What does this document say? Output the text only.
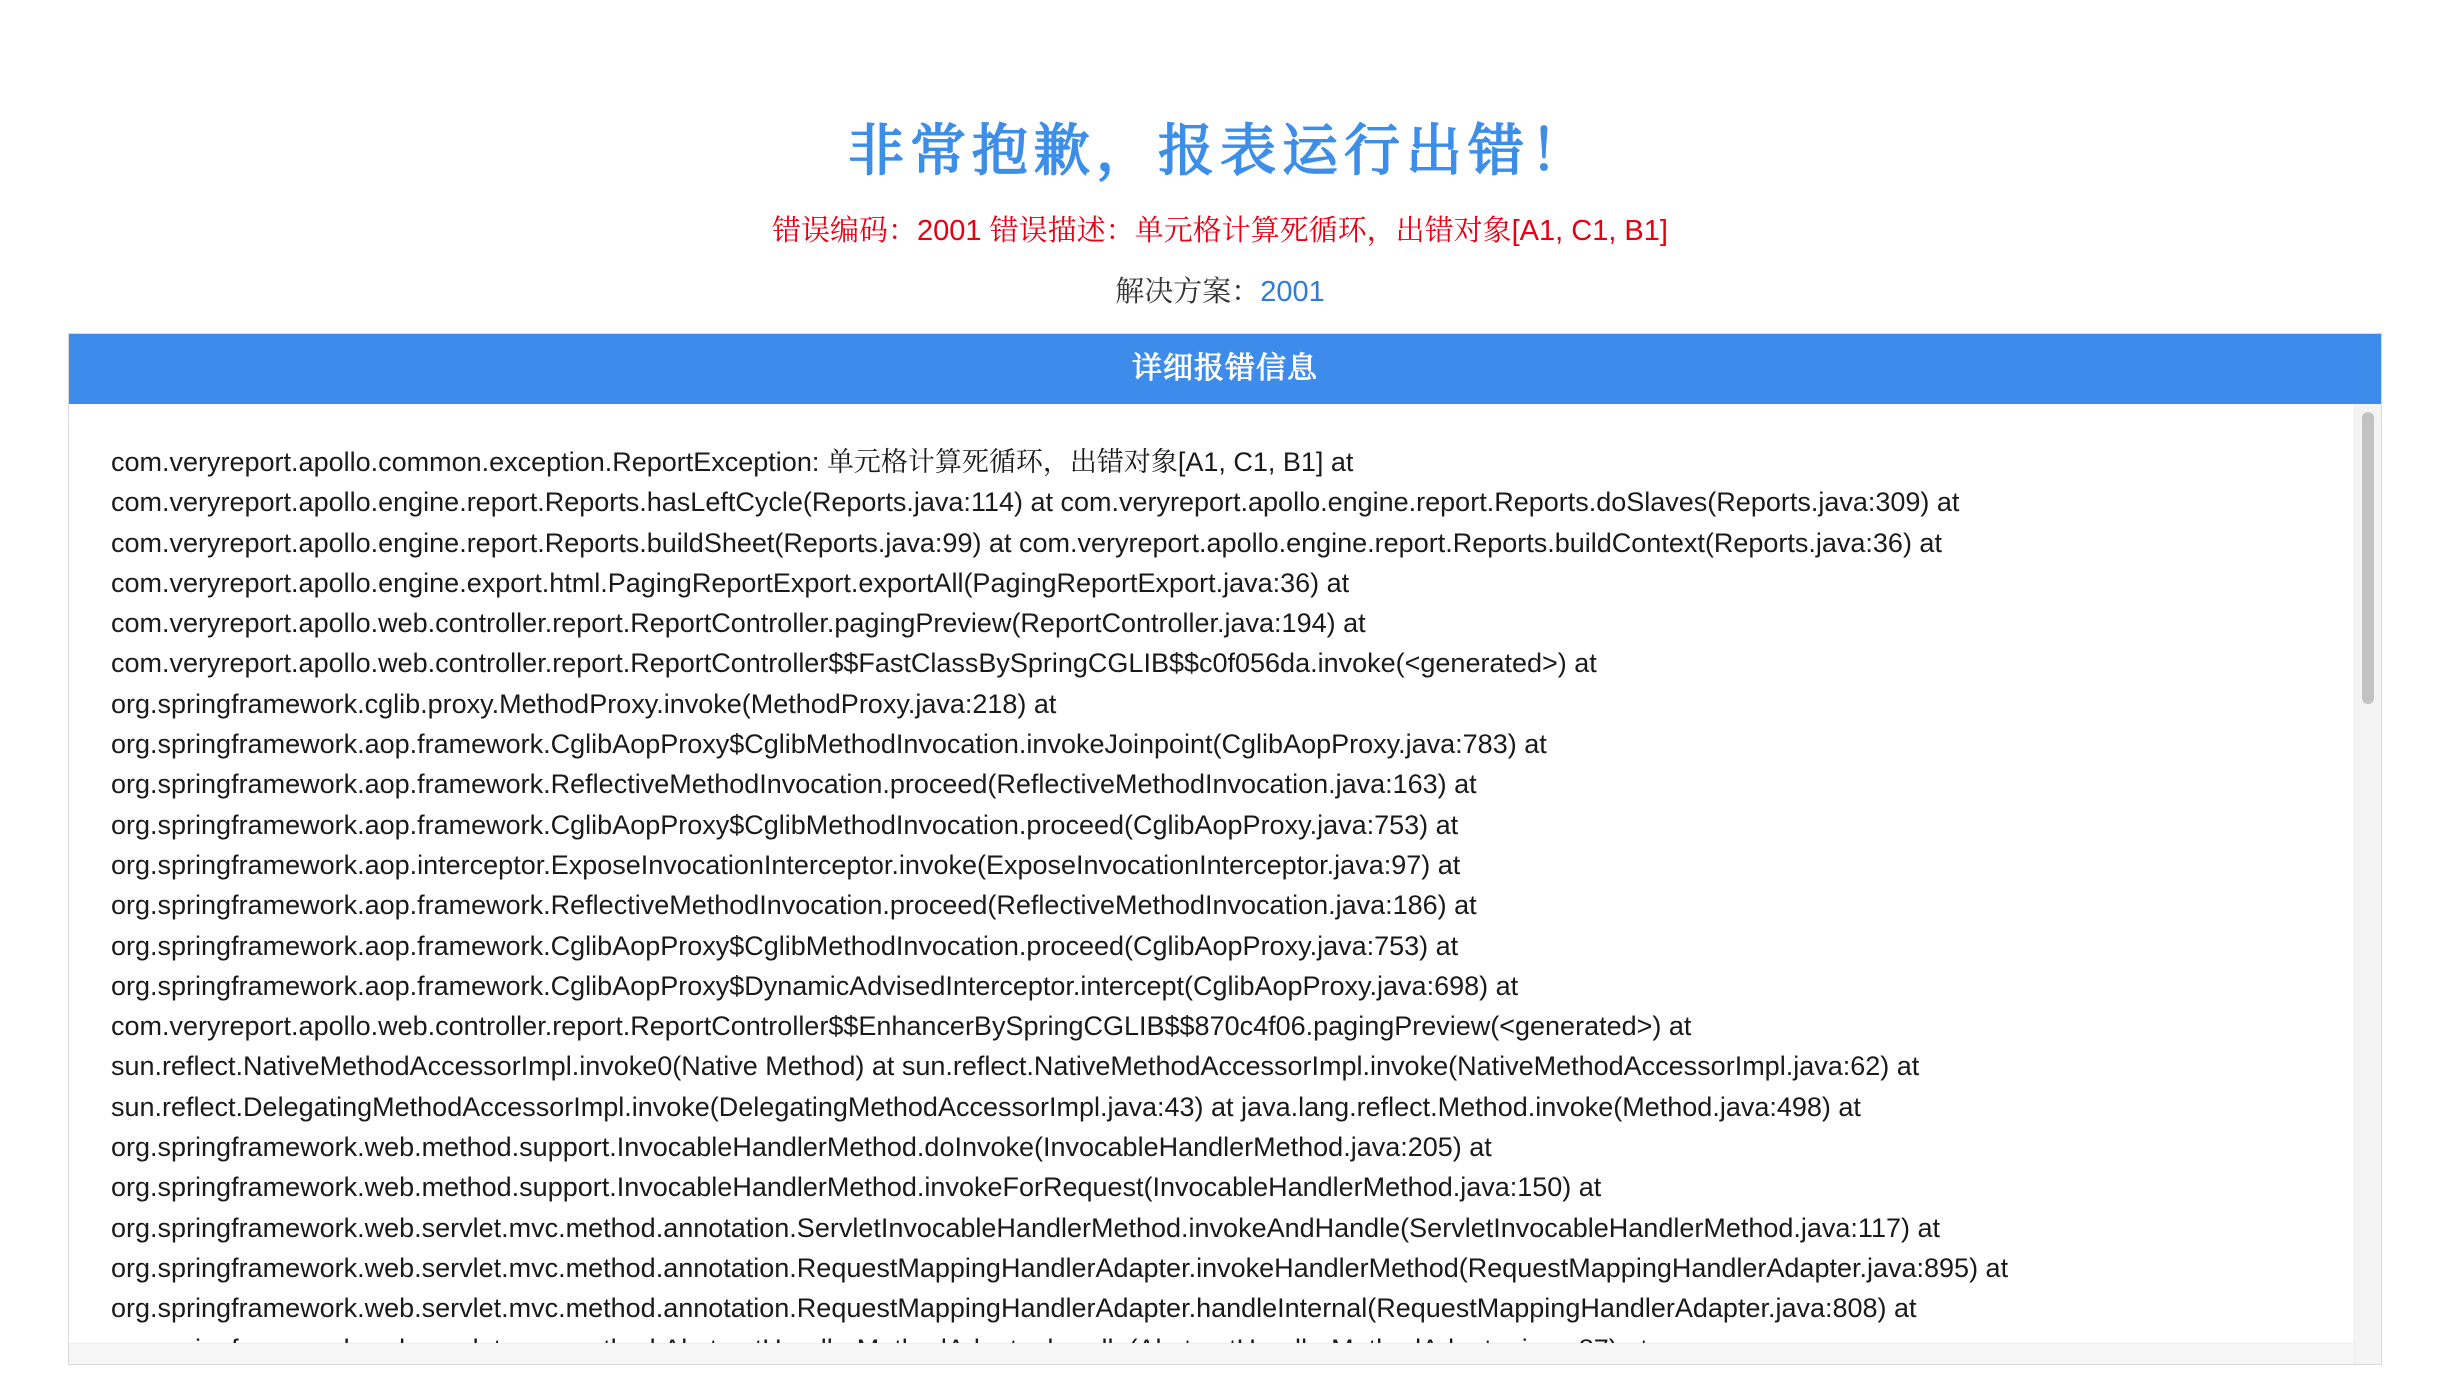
非常抱歉，报表运行出错！
错误编码：2001 错误描述：单元格计算死循环，出错对象[A1, C1, B1]
解决方案：2001
详细报错信息
com.veryreport.apollo.common.exception.ReportException: 单元格计算死循环，出错对象[A1, C1, B1] at
com.veryreport.apollo.engine.report.Reports.hasLeftCycle(Reports.java:114) at com.veryreport.apollo.engine.report.Reports.doSlaves(Reports.java:309) at
com.veryreport.apollo.engine.report.Reports.buildSheet(Reports.java:99) at com.veryreport.apollo.engine.report.Reports.buildContext(Reports.java:36) at
com.veryreport.apollo.engine.export.html.PagingReportExport.exportAll(PagingReportExport.java:36) at
com.veryreport.apollo.web.controller.report.ReportController.pagingPreview(ReportController.java:194) at
com.veryreport.apollo.web.controller.report.ReportController$$FastClassBySpringCGLIB$$c0f056da.invoke(<generated>) at
org.springframework.cglib.proxy.MethodProxy.invoke(MethodProxy.java:218) at
org.springframework.aop.framework.CglibAopProxy$CglibMethodInvocation.invokeJoinpoint(CglibAopProxy.java:783) at
org.springframework.aop.framework.ReflectiveMethodInvocation.proceed(ReflectiveMethodInvocation.java:163) at
org.springframework.aop.framework.CglibAopProxy$CglibMethodInvocation.proceed(CglibAopProxy.java:753) at
org.springframework.aop.interceptor.ExposeInvocationInterceptor.invoke(ExposeInvocationInterceptor.java:97) at
org.springframework.aop.framework.ReflectiveMethodInvocation.proceed(ReflectiveMethodInvocation.java:186) at
org.springframework.aop.framework.CglibAopProxy$CglibMethodInvocation.proceed(CglibAopProxy.java:753) at
org.springframework.aop.framework.CglibAopProxy$DynamicAdvisedInterceptor.intercept(CglibAopProxy.java:698) at
com.veryreport.apollo.web.controller.report.ReportController$$EnhancerBySpringCGLIB$$870c4f06.pagingPreview(<generated>) at
sun.reflect.NativeMethodAccessorImpl.invoke0(Native Method) at sun.reflect.NativeMethodAccessorImpl.invoke(NativeMethodAccessorImpl.java:62) at
sun.reflect.DelegatingMethodAccessorImpl.invoke(DelegatingMethodAccessorImpl.java:43) at java.lang.reflect.Method.invoke(Method.java:498) at
org.springframework.web.method.support.InvocableHandlerMethod.doInvoke(InvocableHandlerMethod.java:205) at
org.springframework.web.method.support.InvocableHandlerMethod.invokeForRequest(InvocableHandlerMethod.java:150) at
org.springframework.web.servlet.mvc.method.annotation.ServletInvocableHandlerMethod.invokeAndHandle(ServletInvocableHandlerMethod.java:117) at
org.springframework.web.servlet.mvc.method.annotation.RequestMappingHandlerAdapter.invokeHandlerMethod(RequestMappingHandlerAdapter.java:895) at
org.springframework.web.servlet.mvc.method.annotation.RequestMappingHandlerAdapter.handleInternal(RequestMappingHandlerAdapter.java:808) at
